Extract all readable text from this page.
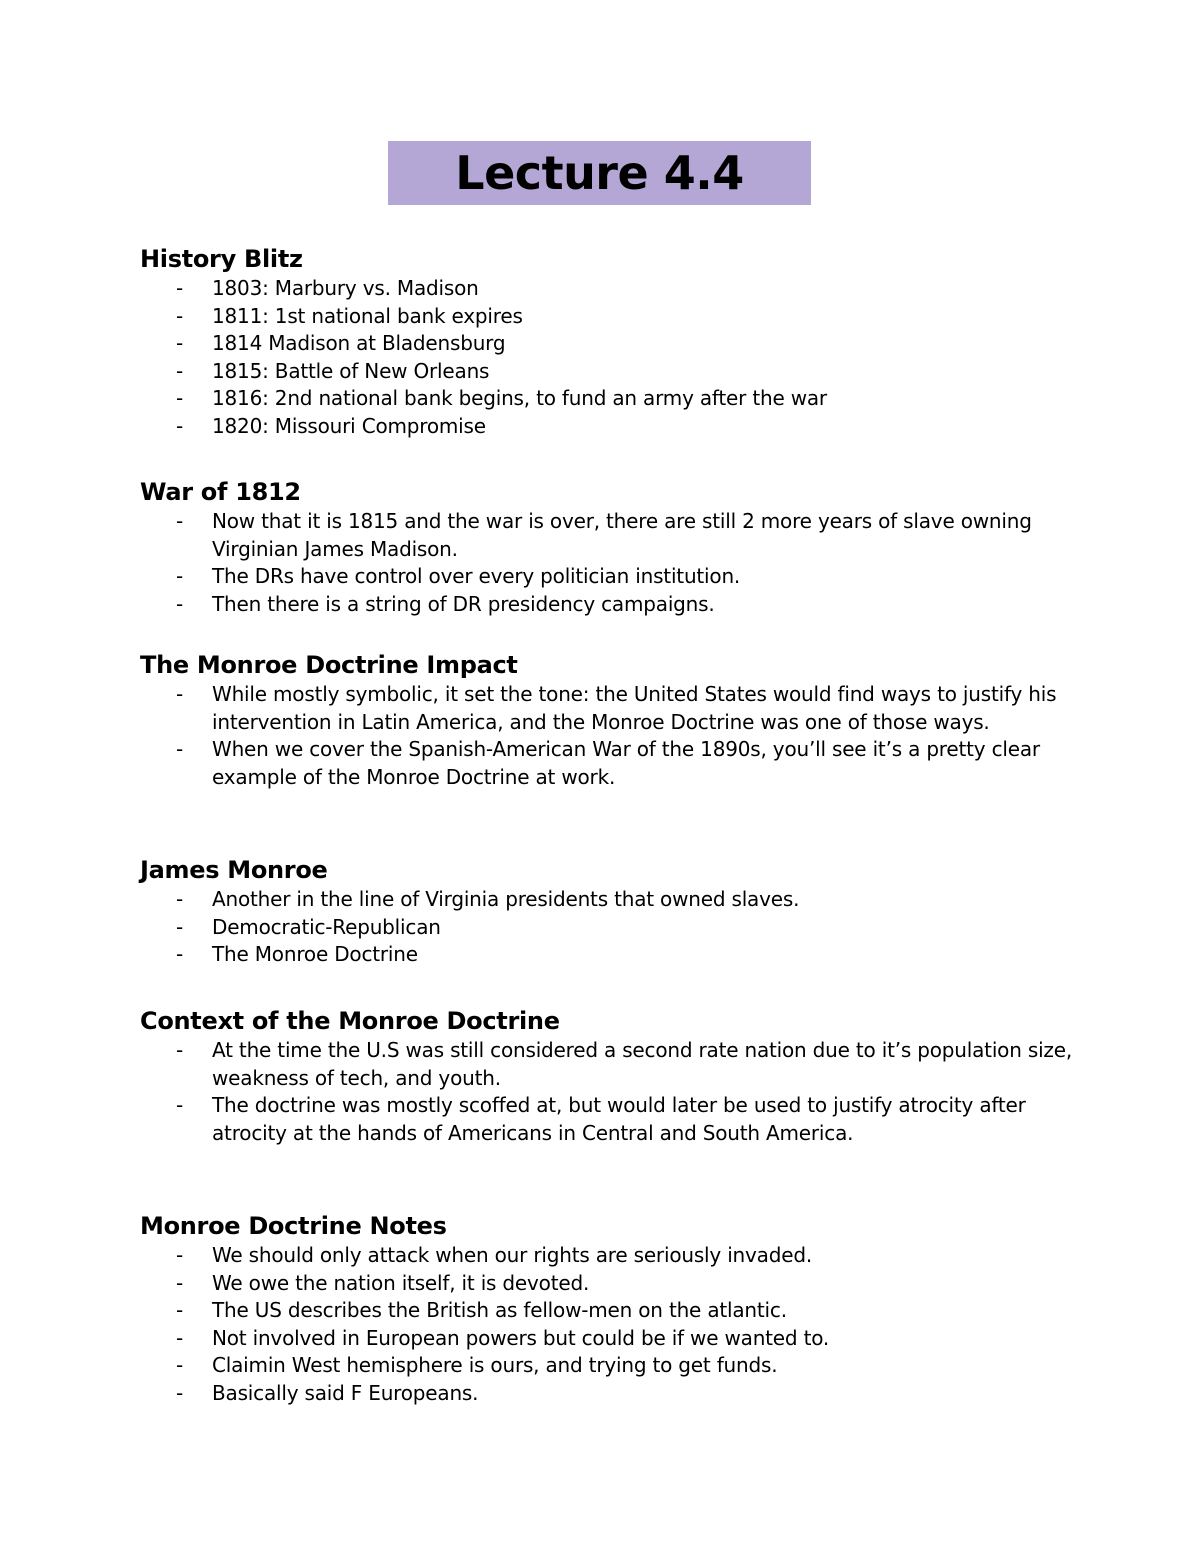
Lecture 4.4
History Blitz
- 1803: Marbury vs. Madison
- 1811: 1st national bank expires
- 1814 Madison at Bladensburg
- 1815: Battle of New Orleans
- 1816: 2nd national bank begins, to fund an army after the war
- 1820: Missouri Compromise
War of 1812
- Now that it is 1815 and the war is over, there are still 2 more years of slave owning Virginian James Madison.
- The DRs have control over every politician institution.
- Then there is a string of DR presidency campaigns.
The Monroe Doctrine Impact
- While mostly symbolic, it set the tone: the United States would find ways to justify his intervention in Latin America, and the Monroe Doctrine was one of those ways.
- When we cover the Spanish-American War of the 1890s, you’ll see it’s a pretty clear example of the Monroe Doctrine at work.
James Monroe
- Another in the line of Virginia presidents that owned slaves.
- Democratic-Republican
- The Monroe Doctrine
Context of the Monroe Doctrine
- At the time the U.S was still considered a second rate nation due to it’s population size, weakness of tech, and youth.
- The doctrine was mostly scoffed at, but would later be used to justify atrocity after atrocity at the hands of Americans in Central and South America.
Monroe Doctrine Notes
- We should only attack when our rights are seriously invaded.
- We owe the nation itself, it is devoted.
- The US describes the British as fellow-men on the atlantic.
- Not involved in European powers but could be if we wanted to.
- Claimin West hemisphere is ours, and trying to get funds.
- Basically said F Europeans.
